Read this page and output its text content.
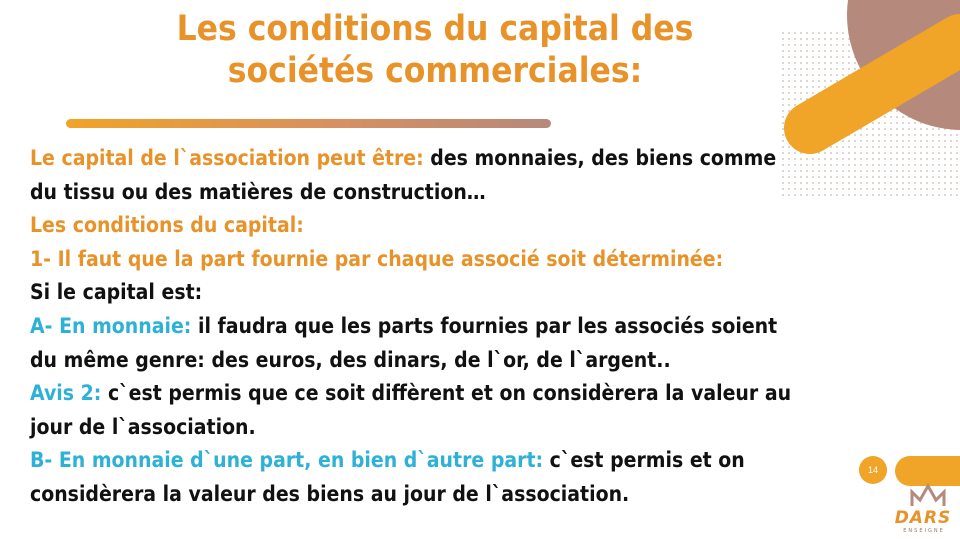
Les conditions du capital des
sociétés commerciales:
Le capital de l`association peut être: des monnaies, des biens comme
du tissu ou des matières de construction…
Les conditions du capital:
1- Il faut que la part fournie par chaque associé soit déterminée:
Si le capital est:
A- En monnaie: il faudra que les parts fournies par les associés soient
du même genre: des euros, des dinars, de l`or, de l`argent..
Avis 2: c`est permis que ce soit diffèrent et on considèrera la valeur au
jour de l`association.
B- En monnaie d`une part, en bien d`autre part: c`est permis et on
considèrera la valeur des biens au jour de l`association.
14
DARS
ENSEIGNE
